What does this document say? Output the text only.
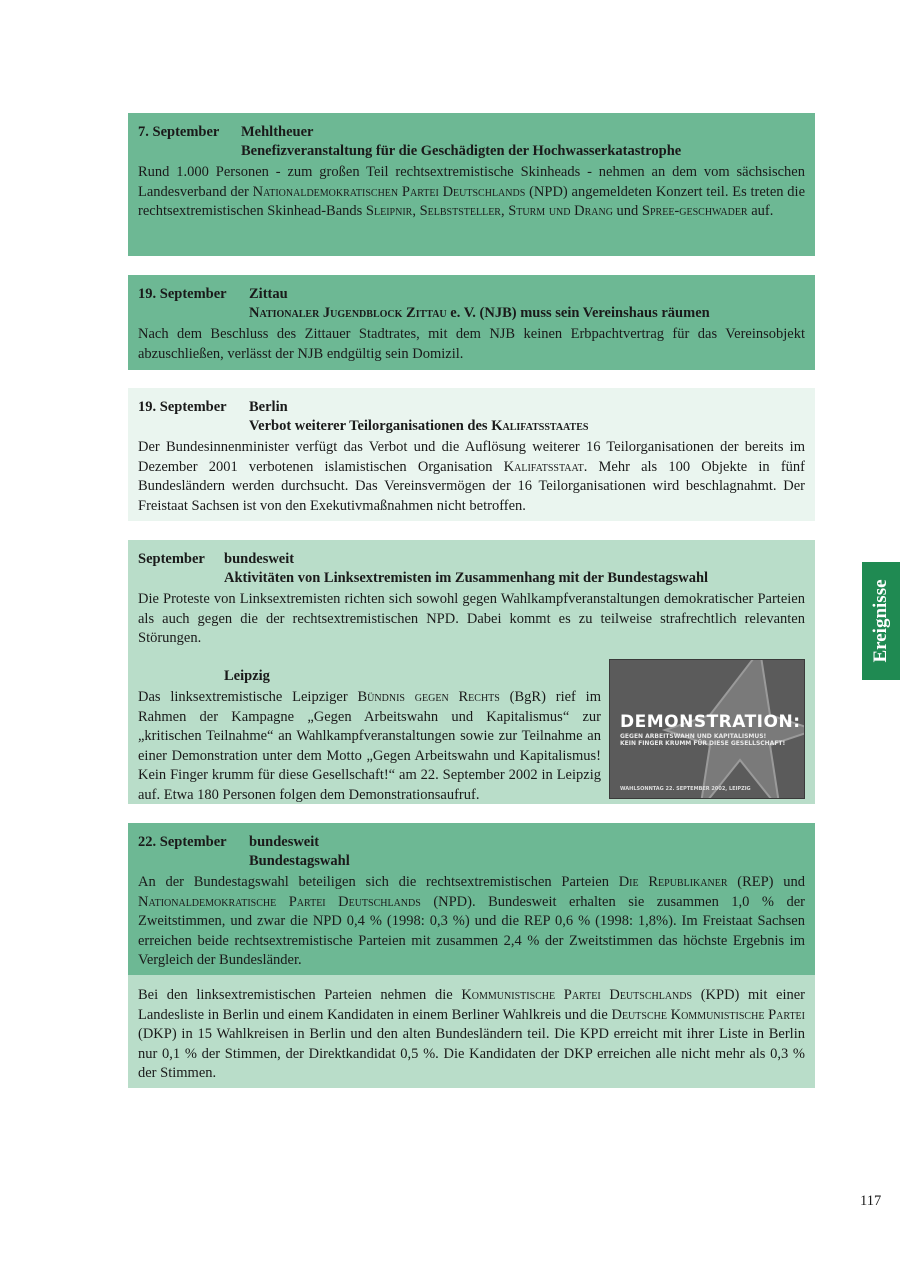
7. September	Mehltheuer
Benefizveranstaltung für die Geschädigten der Hochwasserkatastrophe
Rund 1.000 Personen - zum großen Teil rechtsextremistische Skinheads - nehmen an dem vom sächsischen Landesverband der Nationaldemokratischen Partei Deutschlands (NPD) angemeldeten Konzert teil. Es treten die rechtsextremistischen Skinhead-Bands Sleipnir, Selbststeller, Sturm und Drang und Spree-geschwader auf.
19. September	Zittau
Nationaler Jugendblock Zittau e. V. (NJB) muss sein Vereinshaus räumen
Nach dem Beschluss des Zittauer Stadtrates, mit dem NJB keinen Erbpachtvertrag für das Vereinsobjekt abzuschließen, verlässt der NJB endgültig sein Domizil.
19. September	Berlin
Verbot weiterer Teilorganisationen des Kalifatsstaates
Der Bundesinnenminister verfügt das Verbot und die Auflösung weiterer 16 Teilorganisationen der bereits im Dezember 2001 verbotenen islamistischen Organisation Kalifatsstaat. Mehr als 100 Objekte in fünf Bundesländern werden durchsucht. Das Vereinsvermögen der 16 Teilorganisationen wird beschlagnahmt. Der Freistaat Sachsen ist von den Exekutivmaßnahmen nicht betroffen.
September	bundesweit
Aktivitäten von Linksextremisten im Zusammenhang mit der Bundestagswahl
Die Proteste von Linksextremisten richten sich sowohl gegen Wahlkampfveranstaltungen demokratischer Parteien als auch gegen die der rechtsextremistischen NPD. Dabei kommt es zu teilweise strafrechtlich relevanten Störungen.
Leipzig
Das linksextremistische Leipziger Bündnis gegen Rechts (BgR) rief im Rahmen der Kampagne „Gegen Arbeitswahn und Kapitalismus“ zur „kritischen Teilnahme“ an Wahlkampfveranstaltungen sowie zur Teilnahme an einer Demonstration unter dem Motto „Gegen Arbeitswahn und Kapitalismus! Kein Finger krumm für diese Gesellschaft!“ am 22. September 2002 in Leipzig auf. Etwa 180 Personen folgen dem Demonstrationsaufruf.
DEMONSTRATION:
GEGEN ARBEITSWAHN UND KAPITALISMUS!
KEIN FINGER KRUMM FÜR DIESE GESELLSCHAFT!
WAHLSONNTAG 22. SEPTEMBER 2002, LEIPZIG
22. September	bundesweit
Bundestagswahl
An der Bundestagswahl beteiligen sich die rechtsextremistischen Parteien Die Republikaner (REP) und Nationaldemokratische Partei Deutschlands (NPD). Bundesweit erhalten sie zusammen 1,0 % der Zweitstimmen, und zwar die NPD 0,4 % (1998: 0,3 %) und die REP 0,6 % (1998: 1,8%). Im Freistaat Sachsen erreichen beide rechtsextremistische Parteien mit zusammen 2,4 % der Zweitstimmen das höchste Ergebnis im Vergleich der Bundesländer.
Bei den linksextremistischen Parteien nehmen die Kommunistische Partei Deutschlands (KPD) mit einer Landesliste in Berlin und einem Kandidaten in einem Berliner Wahlkreis und die Deutsche Kommunistische Partei (DKP) in 15 Wahlkreisen in Berlin und den alten Bundesländern teil. Die KPD erreicht mit ihrer Liste in Berlin nur 0,1 % der Stimmen, der Direktkandidat 0,5 %. Die Kandidaten der DKP erreichen alle nicht mehr als 0,3 % der Stimmen.
Ereignisse
117
